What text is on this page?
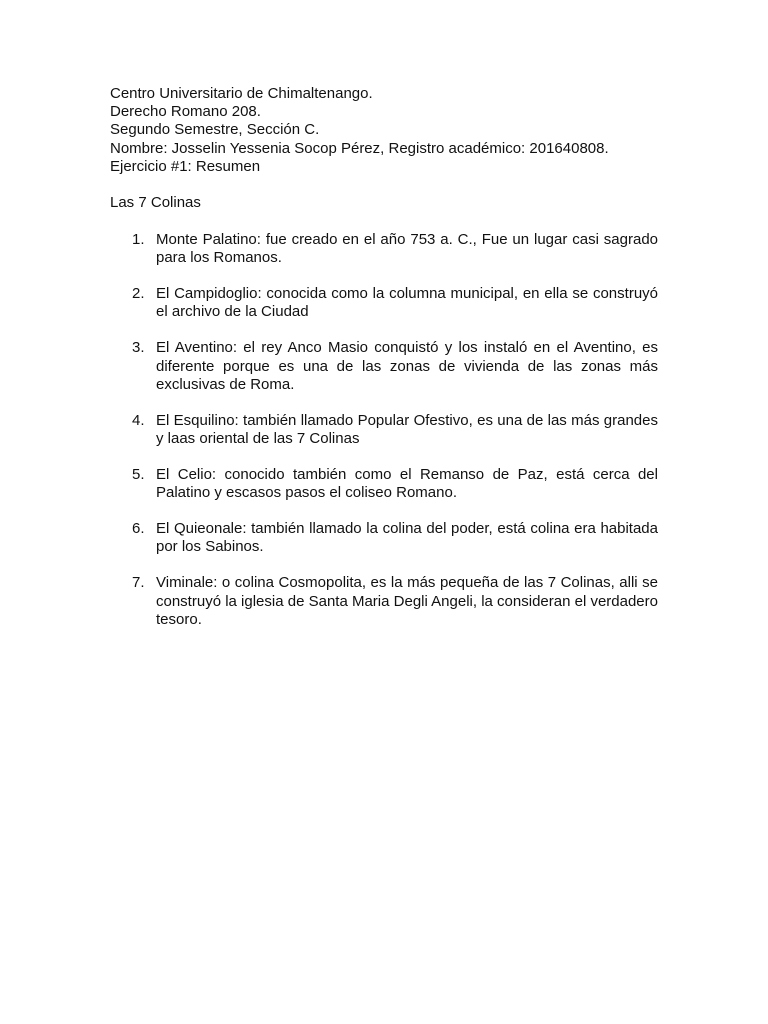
Centro Universitario de Chimaltenango.
Derecho Romano 208.
Segundo Semestre, Sección C.
Nombre: Josselin Yessenia Socop Pérez, Registro académico: 201640808.
Ejercicio #1: Resumen
Las 7 Colinas
1. Monte Palatino: fue creado en el año 753 a. C., Fue un lugar casi sagrado para los Romanos.
2. El Campidoglio: conocida como la columna municipal, en ella se construyó el archivo de la Ciudad
3. El Aventino: el rey Anco Masio conquistó y los instaló en el Aventino, es diferente porque es una de las zonas de vivienda de las zonas más exclusivas de Roma.
4. El Esquilino: también llamado Popular Ofestivo, es una de las más grandes y laas oriental de las 7 Colinas
5. El Celio: conocido también como el Remanso de Paz, está cerca del Palatino y escasos pasos el coliseo Romano.
6. El Quieonale: también llamado la colina del poder, está colina era habitada por los Sabinos.
7. Viminale: o colina Cosmopolita, es la más pequeña de las 7 Colinas, alli se construyó la iglesia de Santa Maria Degli Angeli, la consideran el verdadero tesoro.
